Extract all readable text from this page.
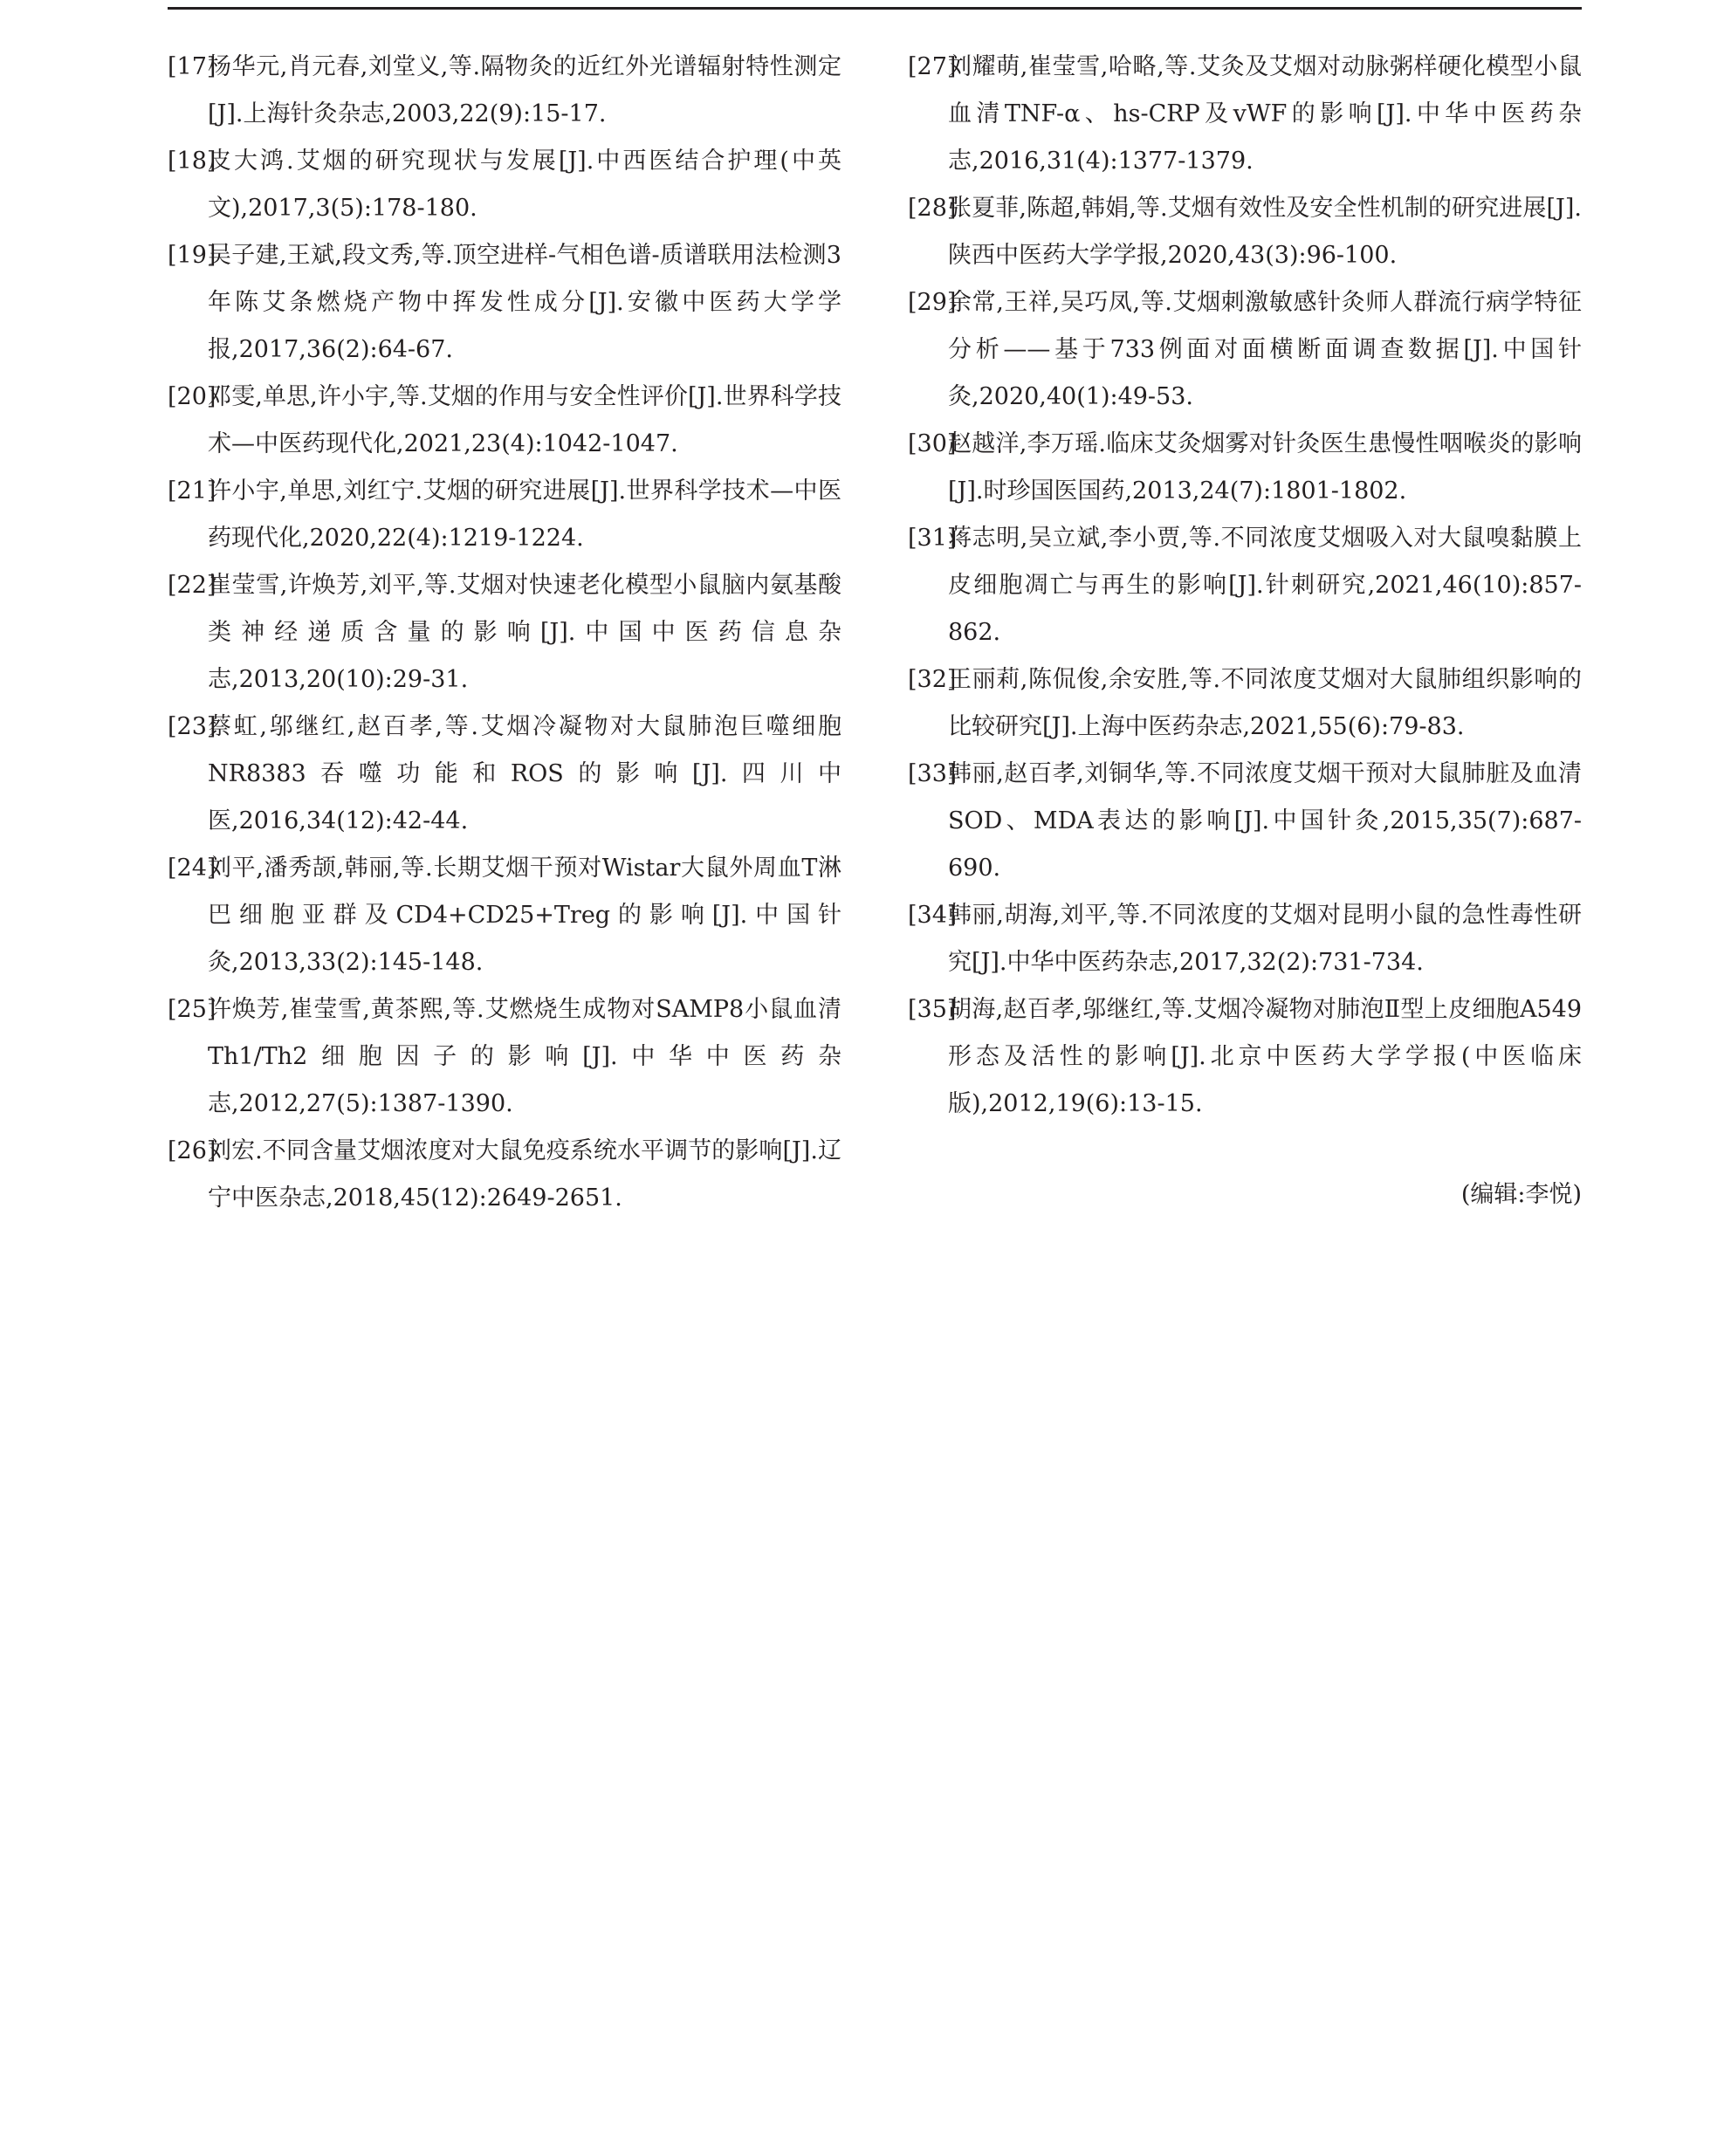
[17]
杨华元,肖元春,刘堂义,等.隔物灸的近红外光谱辐射特性测定[J].上海针灸杂志,2003,22(9):15-17.

[18]
皮大鸿.艾烟的研究现状与发展[J].中西医结合护理(中英文),2017,3(5):178-180.

[19]
吴子建,王斌,段文秀,等.顶空进样-气相色谱-质谱联用法检测3年陈艾条燃烧产物中挥发性成分[J].安徽中医药大学学报,2017,36(2):64-67.

[20]
邓雯,单思,许小宇,等.艾烟的作用与安全性评价[J].世界科学技术—中医药现代化,2021,23(4):1042-1047.

[21]
许小宇,单思,刘红宁.艾烟的研究进展[J].世界科学技术—中医药现代化,2020,22(4):1219-1224.

[22]
崔莹雪,许焕芳,刘平,等.艾烟对快速老化模型小鼠脑内氨基酸类神经递质含量的影响[J].中国中医药信息杂志,2013,20(10):29-31.

[23]
蔡虹,邬继红,赵百孝,等.艾烟冷凝物对大鼠肺泡巨噬细胞NR8383吞噬功能和ROS的影响[J].四川中医,2016,34(12):42-44.

[24]
刘平,潘秀颉,韩丽,等.长期艾烟干预对Wistar大鼠外周血T淋巴细胞亚群及CD4+CD25+Treg的影响[J].中国针灸,2013,33(2):145-148.

[25]
许焕芳,崔莹雪,黄茶熙,等.艾燃烧生成物对SAMP8小鼠血清Th1/Th2细胞因子的影响[J].中华中医药杂志,2012,27(5):1387-1390.

[26]
刘宏.不同含量艾烟浓度对大鼠免疫系统水平调节的影响[J].辽宁中医杂志,2018,45(12):2649-2651.

[27]
刘耀萌,崔莹雪,哈略,等.艾灸及艾烟对动脉粥样硬化模型小鼠血清TNF-α、hs-CRP及vWF的影响[J].中华中医药杂志,2016,31(4):1377-1379.

[28]
张夏菲,陈超,韩娟,等.艾烟有效性及安全性机制的研究进展[J].陕西中医药大学学报,2020,43(3):96-100.

[29]
余常,王祥,吴巧凤,等.艾烟刺激敏感针灸师人群流行病学特征分析——基于733例面对面横断面调查数据[J].中国针灸,2020,40(1):49-53.

[30]
赵越洋,李万瑶.临床艾灸烟雾对针灸医生患慢性咽喉炎的影响[J].时珍国医国药,2013,24(7):1801-1802.

[31]
蒋志明,吴立斌,李小贾,等.不同浓度艾烟吸入对大鼠嗅黏膜上皮细胞凋亡与再生的影响[J].针刺研究,2021,46(10):857-862.

[32]
王丽莉,陈侃俊,余安胜,等.不同浓度艾烟对大鼠肺组织影响的比较研究[J].上海中医药杂志,2021,55(6):79-83.

[33]
韩丽,赵百孝,刘铜华,等.不同浓度艾烟干预对大鼠肺脏及血清SOD、MDA表达的影响[J].中国针灸,2015,35(7):687-690.

[34]
韩丽,胡海,刘平,等.不同浓度的艾烟对昆明小鼠的急性毒性研究[J].中华中医药杂志,2017,32(2):731-734.

[35]
胡海,赵百孝,邬继红,等.艾烟冷凝物对肺泡Ⅱ型上皮细胞A549形态及活性的影响[J].北京中医药大学学报(中医临床版),2012,19(6):13-15.

(编辑:李悦)
